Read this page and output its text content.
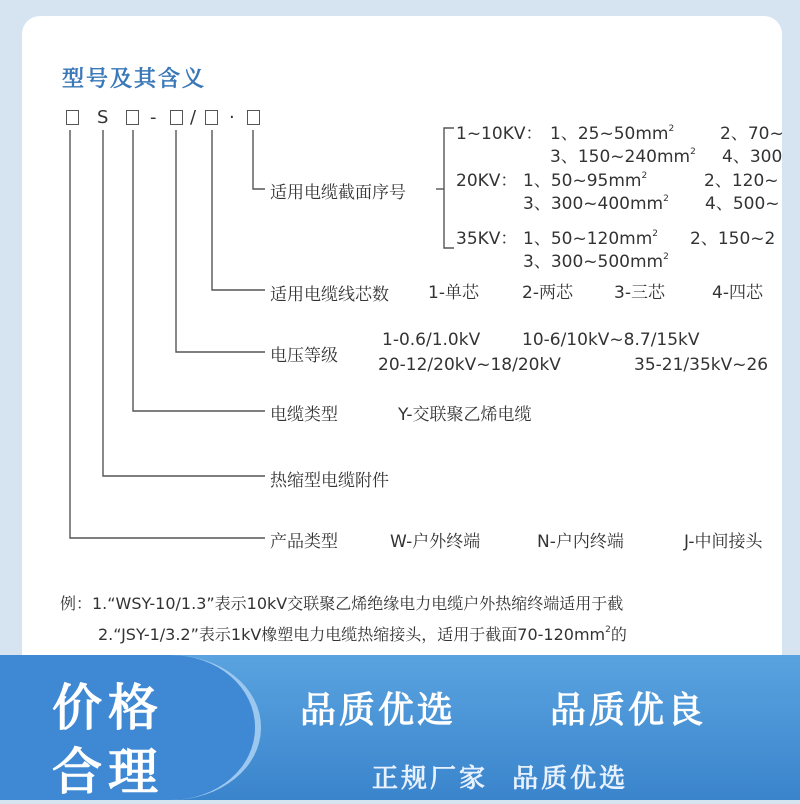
型号及其含义
S - / ·
适用电缆截面序号
1~10KV： 1、$25\sim 50mm^2$	2、70~
3、$150\sim 240mm^2$ 4、300
20KV： 1、$50\sim 95mm^2$	2、120~
3、$300\sim 400mm^2$ 4、500~
35KV： 1、$50\sim 120mm^2$ 2、150~2
3、$300\sim 500mm^2$
适用电缆线芯数 1-单芯	2-两芯 3-三芯	4-四芯
电压等级
1-0.6/1.0kV 10-6/10kV~8.7/15kV
20-12/20kV~18/20kV	35-21/35kV~26
电缆类型	Y-交联聚乙烯电缆
热缩型电缆附件
产品类型	W-户外终端	N-户内终端	J-中间接头
例：1.“WSY-10/1.3”表示10kV交联聚乙烯绝缘电力电缆户外热缩终端适用于截
2.“JSY-1/3.2”表示1kV橡塑电力电缆热缩接头，适用于截面$70-120mm^2$的
价格
合理
品质优选	品质优良
正规厂家  品质优选
